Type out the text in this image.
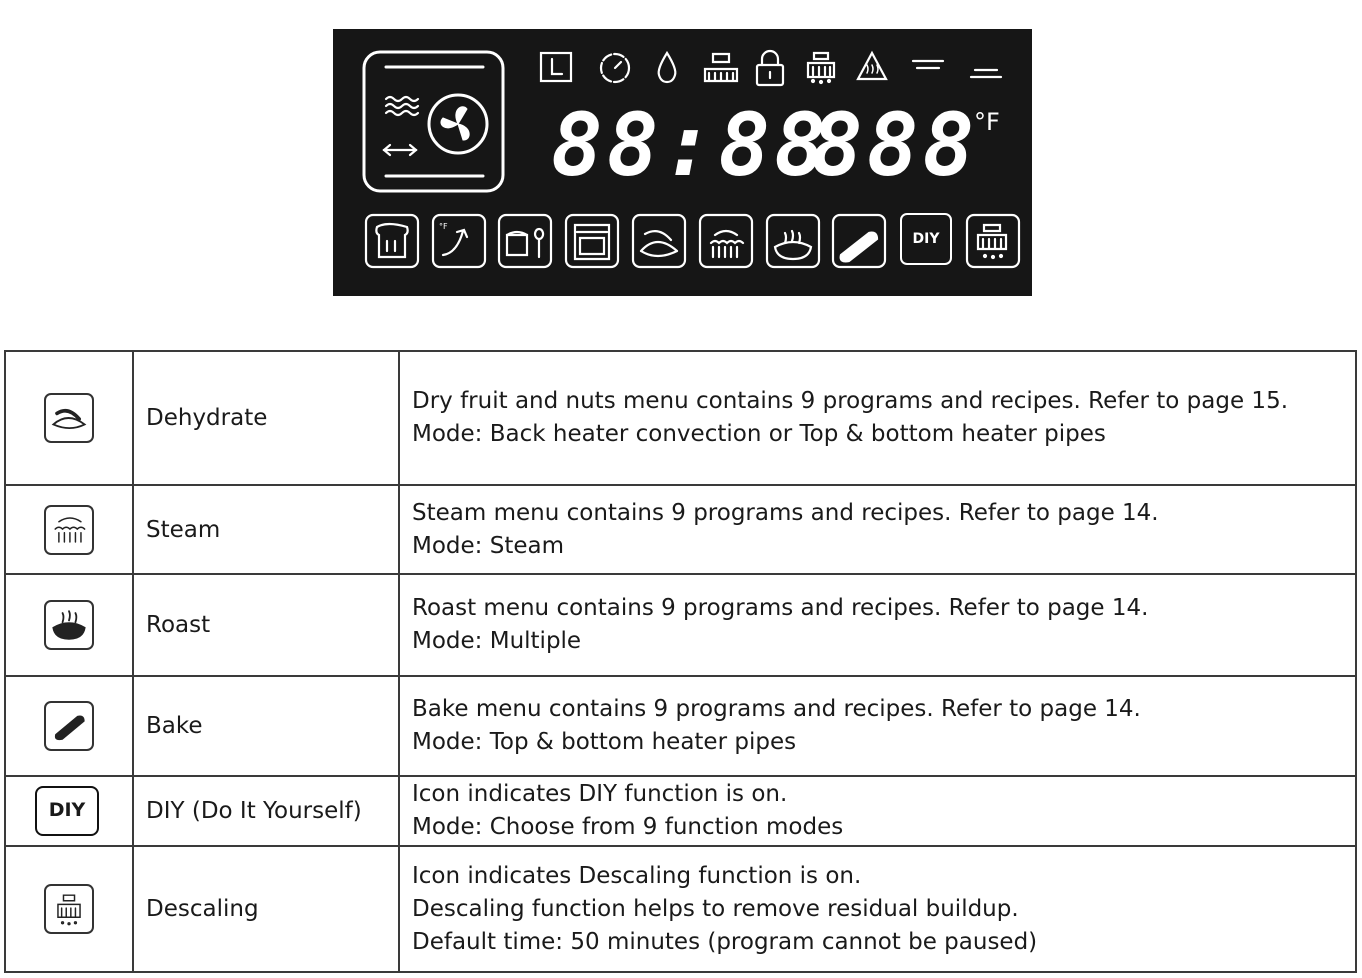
°F
88:88
888
DIY
°F
	Dehydrate	Dry fruit and nuts menu contains 9 programs and recipes. Refer to page 15.
Mode: Back heater convection or Top & bottom heater pipes

	Steam	Steam menu contains 9 programs and recipes. Refer to page 14.
Mode: Steam

	Roast	Roast menu contains 9 programs and recipes. Refer to page 14.
Mode: Multiple

	Bake	Bake menu contains 9 programs and recipes. Refer to page 14.
Mode: Top & bottom heater pipes

DIY	DIY (Do It Yourself)	Icon indicates DIY function is on.
Mode: Choose from 9 function modes

	Descaling	Icon indicates Descaling function is on.
Descaling function helps to remove residual buildup.
Default time: 50 minutes (program cannot be paused)
